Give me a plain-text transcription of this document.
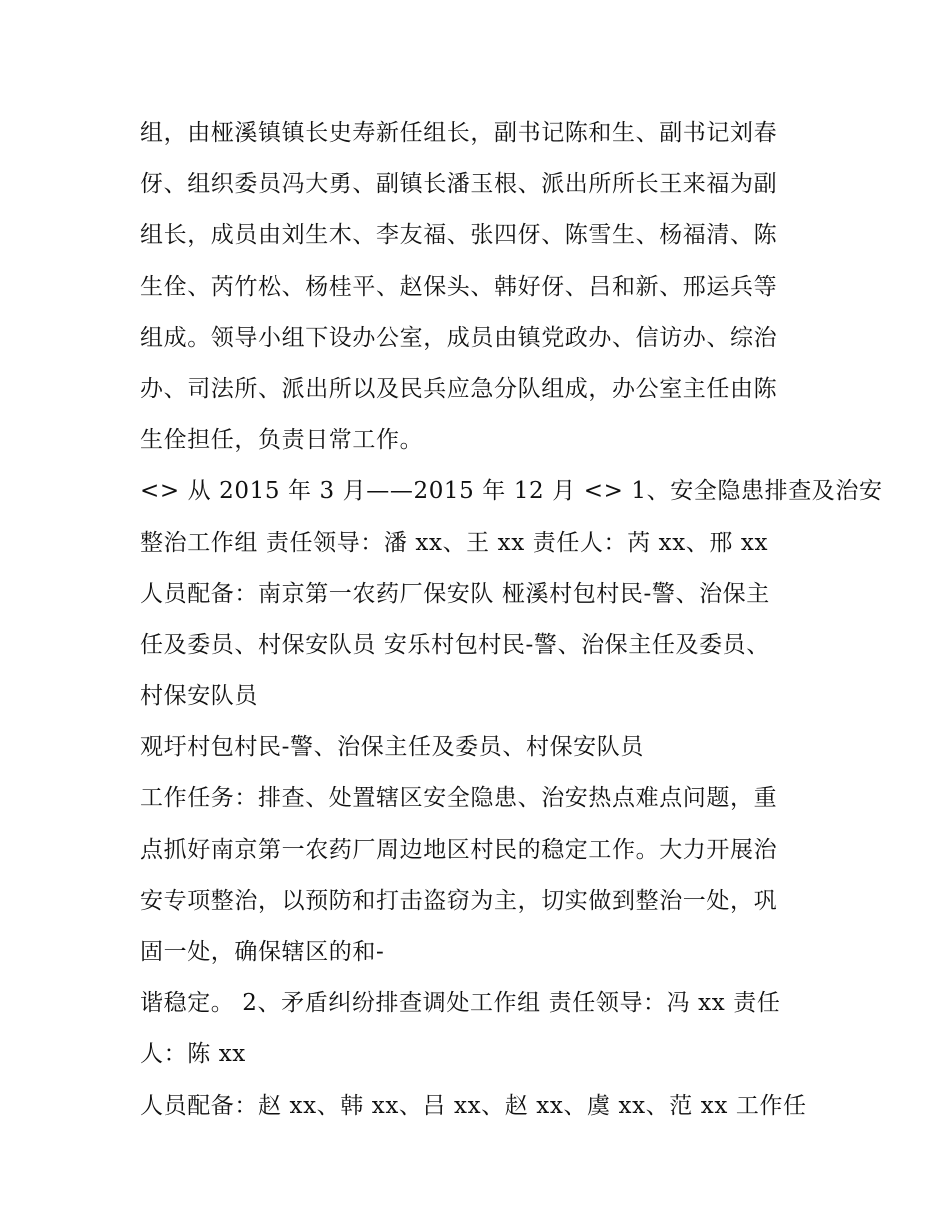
组，由桠溪镇镇长史寿新任组长，副书记陈和生、副书记刘春
伢、组织委员冯大勇、副镇长潘玉根、派出所所长王来福为副
组长，成员由刘生木、李友福、张四伢、陈雪生、杨福清、陈
生佺、芮竹松、杨桂平、赵保头、韩好伢、吕和新、邢运兵等
组成。领导小组下设办公室，成员由镇党政办、信访办、综治
办、司法所、派出所以及民兵应急分队组成，办公室主任由陈
生佺担任，负责日常工作。
<> 从 2015 年 3 月——2015 年 12 月 <> 1、安全隐患排查及治安
整治工作组 责任领导：潘 xx、王 xx 责任人：芮 xx、邢 xx
人员配备：南京第一农药厂保安队 桠溪村包村民-警、治保主
任及委员、村保安队员 安乐村包村民-警、治保主任及委员、
村保安队员
观圩村包村民-警、治保主任及委员、村保安队员
工作任务：排查、处置辖区安全隐患、治安热点难点问题，重
点抓好南京第一农药厂周边地区村民的稳定工作。大力开展治
安专项整治，以预防和打击盗窃为主，切实做到整治一处，巩
固一处，确保辖区的和-
谐稳定。 2、矛盾纠纷排查调处工作组 责任领导：冯 xx 责任
人：陈 xx
人员配备：赵 xx、韩 xx、吕 xx、赵 xx、虞 xx、范 xx 工作任
